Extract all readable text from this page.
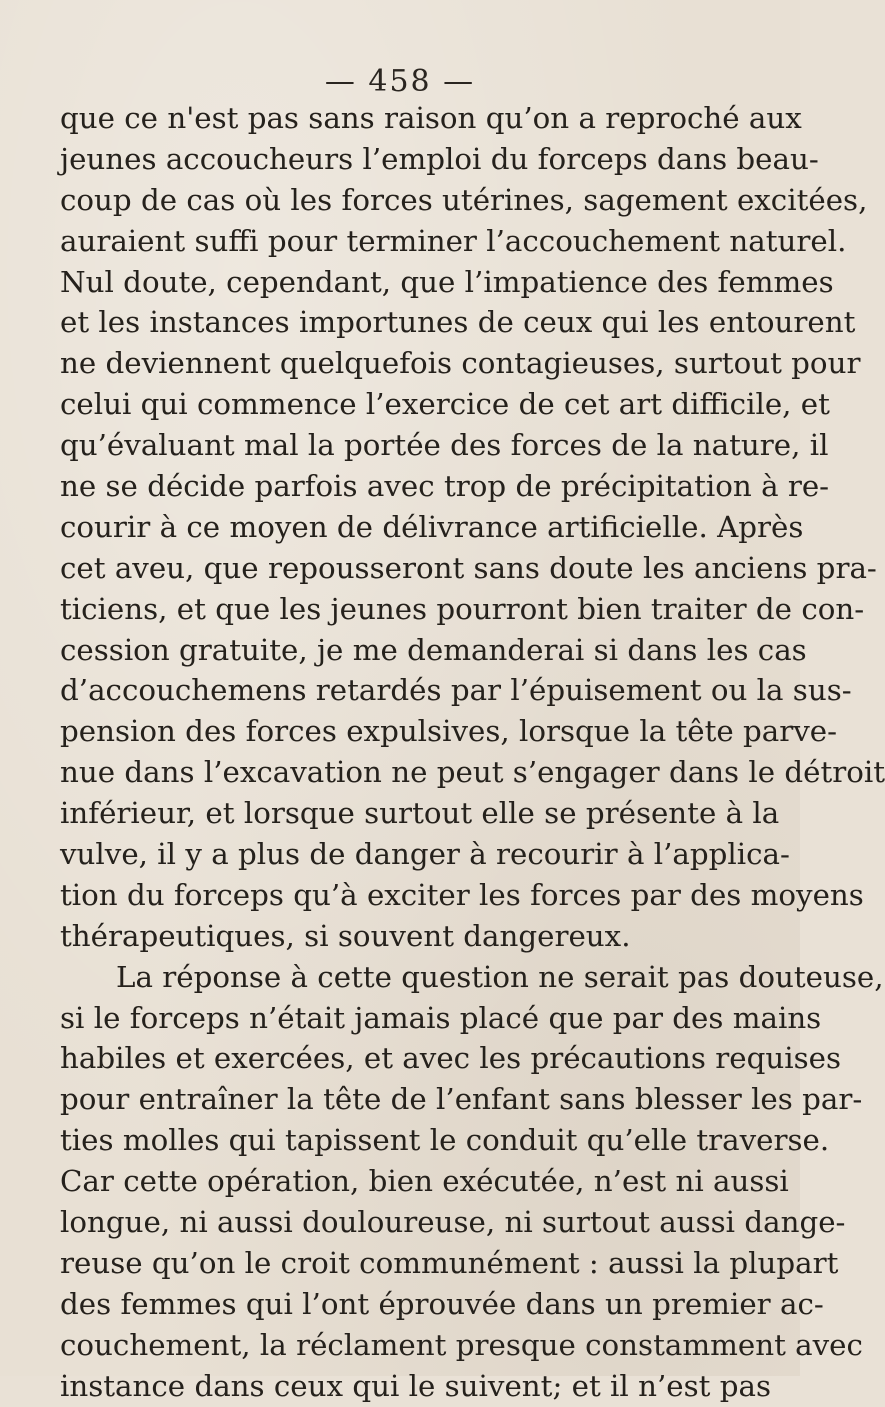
— 458 —
que ce n'est pas sans raison qu’on a reproché aux
jeunes accoucheurs l’emploi du forceps dans beau-
coup de cas où les forces utérines, sagement excitées,
auraient suffi pour terminer l’accouchement naturel.
Nul doute, cependant, que l’impatience des femmes
et les instances importunes de ceux qui les entourent
ne deviennent quelquefois contagieuses, surtout pour
celui qui commence l’exercice de cet art difficile, et
qu’évaluant mal la portée des forces de la nature, il
ne se décide parfois avec trop de précipitation à re-
courir à ce moyen de délivrance artificielle. Après
cet aveu, que repousseront sans doute les anciens pra-
ticiens, et que les jeunes pourront bien traiter de con-
cession gratuite, je me demanderai si dans les cas
d’accouchemens retardés par l’épuisement ou la sus-
pension des forces expulsives, lorsque la tête parve-
nue dans l’excavation ne peut s’engager dans le détroit
inférieur, et lorsque surtout elle se présente à la
vulve, il y a plus de danger à recourir à l’applica-
tion du forceps qu’à exciter les forces par des moyens
thérapeutiques, si souvent dangereux.
La réponse à cette question ne serait pas douteuse,
si le forceps n’était jamais placé que par des mains
habiles et exercées, et avec les précautions requises
pour entraîner la tête de l’enfant sans blesser les par-
ties molles qui tapissent le conduit qu’elle traverse.
Car cette opération, bien exécutée, n’est ni aussi
longue, ni aussi douloureuse, ni surtout aussi dange-
reuse qu’on le croit communément : aussi la plupart
des femmes qui l’ont éprouvée dans un premier ac-
couchement, la réclament presque constamment avec
instance dans ceux qui le suivent; et il n’est pas
